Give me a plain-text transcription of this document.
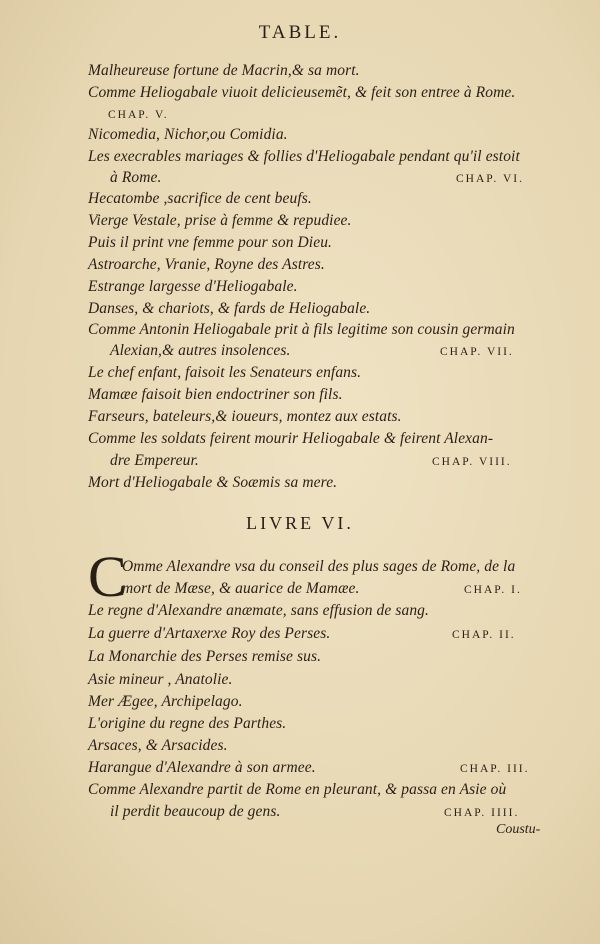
TABLE.
Malheureuse fortune de Macrin,& sa mort.
Comme Heliogabale viuoit delicieusemẽt, & feit son entree à Rome.
CHAP. V.
Nicomedia, Nichor,ou Comidia.
Les execrables mariages & follies d'Heliogabale pendant qu'il estoit
à Rome.	CHAP. VI.
Hecatombe ,sacrifice de cent beufs.
Vierge Vestale, prise à femme & repudiee.
Puis il print vne femme pour son Dieu.
Astroarche, Vranie, Royne des Astres.
Estrange largesse d'Heliogabale.
Danses, & chariots, & fards de Heliogabale.
Comme Antonin Heliogabale prit à fils legitime son cousin germain
Alexian,& autres insolences.	CHAP. VII.
Le chef enfant, faisoit les Senateurs enfans.
Mamæe faisoit bien endoctriner son fils.
Farseurs, bateleurs,& ioueurs, montez aux estats.
Comme les soldats feirent mourir Heliogabale & feirent Alexan-
dre Empereur.	CHAP. VIII.
Mort d'Heliogabale & Soæmis sa mere.
LIVRE VI.
C
Omme Alexandre vsa du conseil des plus sages de Rome, de la
mort de Mæse, & auarice de Mamæe.	CHAP. I.
Le regne d'Alexandre anæmate, sans effusion de sang.
La guerre d'Artaxerxe Roy des Perses.	CHAP. II.
La Monarchie des Perses remise sus.
Asie mineur , Anatolie.
Mer Ægee, Archipelago.
L'origine du regne des Parthes.
Arsaces, & Arsacides.
Harangue d'Alexandre à son armee.	CHAP. III.
Comme Alexandre partit de Rome en pleurant, & passa en Asie où
il perdit beaucoup de gens.	CHAP. IIII.
Coustu-
